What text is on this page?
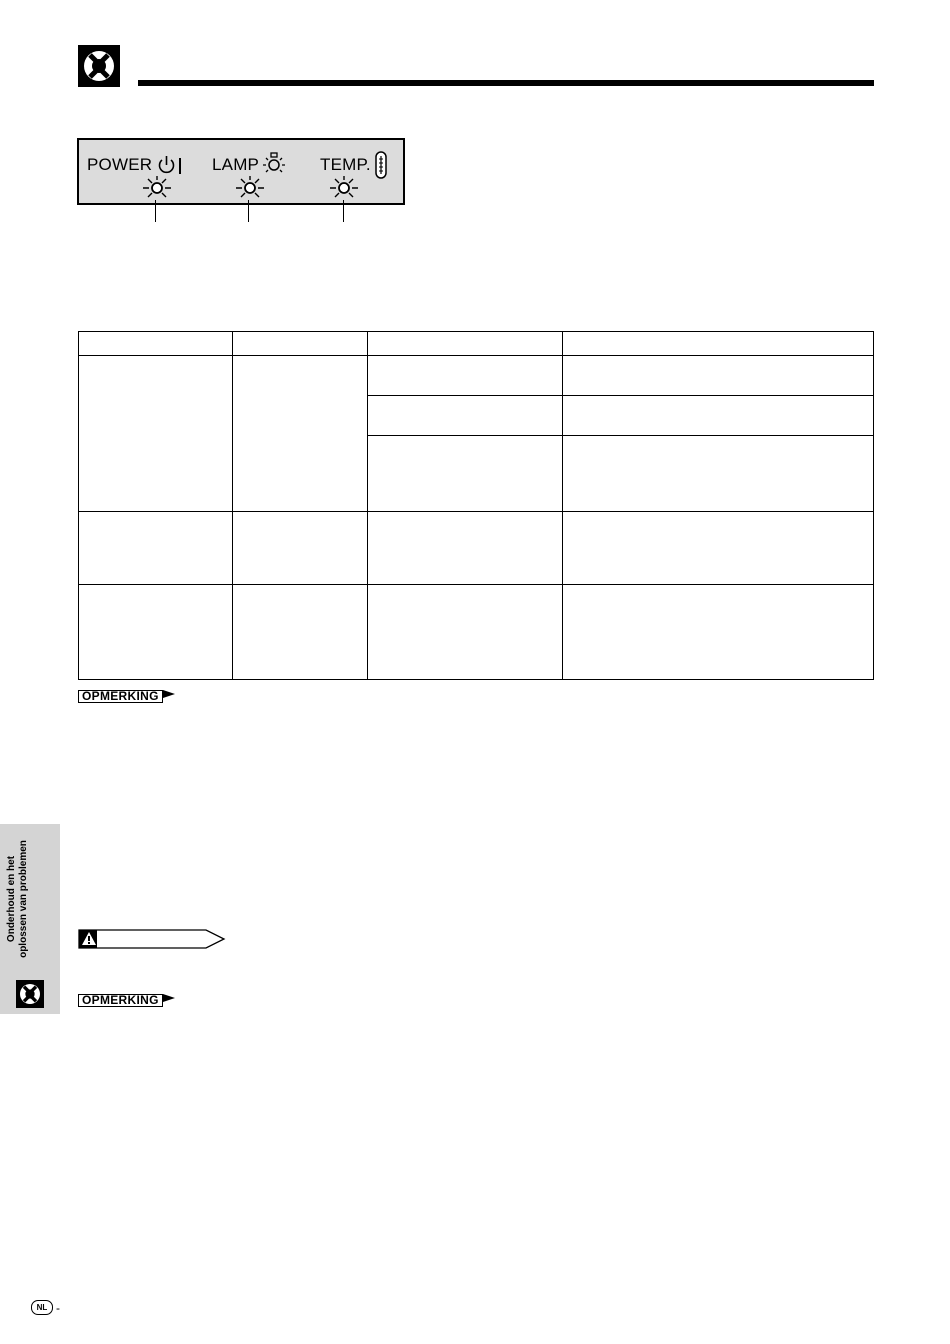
POWER	LAMP	TEMP.

OPMERKING
OPMERKING
Onderhoud en het oplossen van problemen
NL -
